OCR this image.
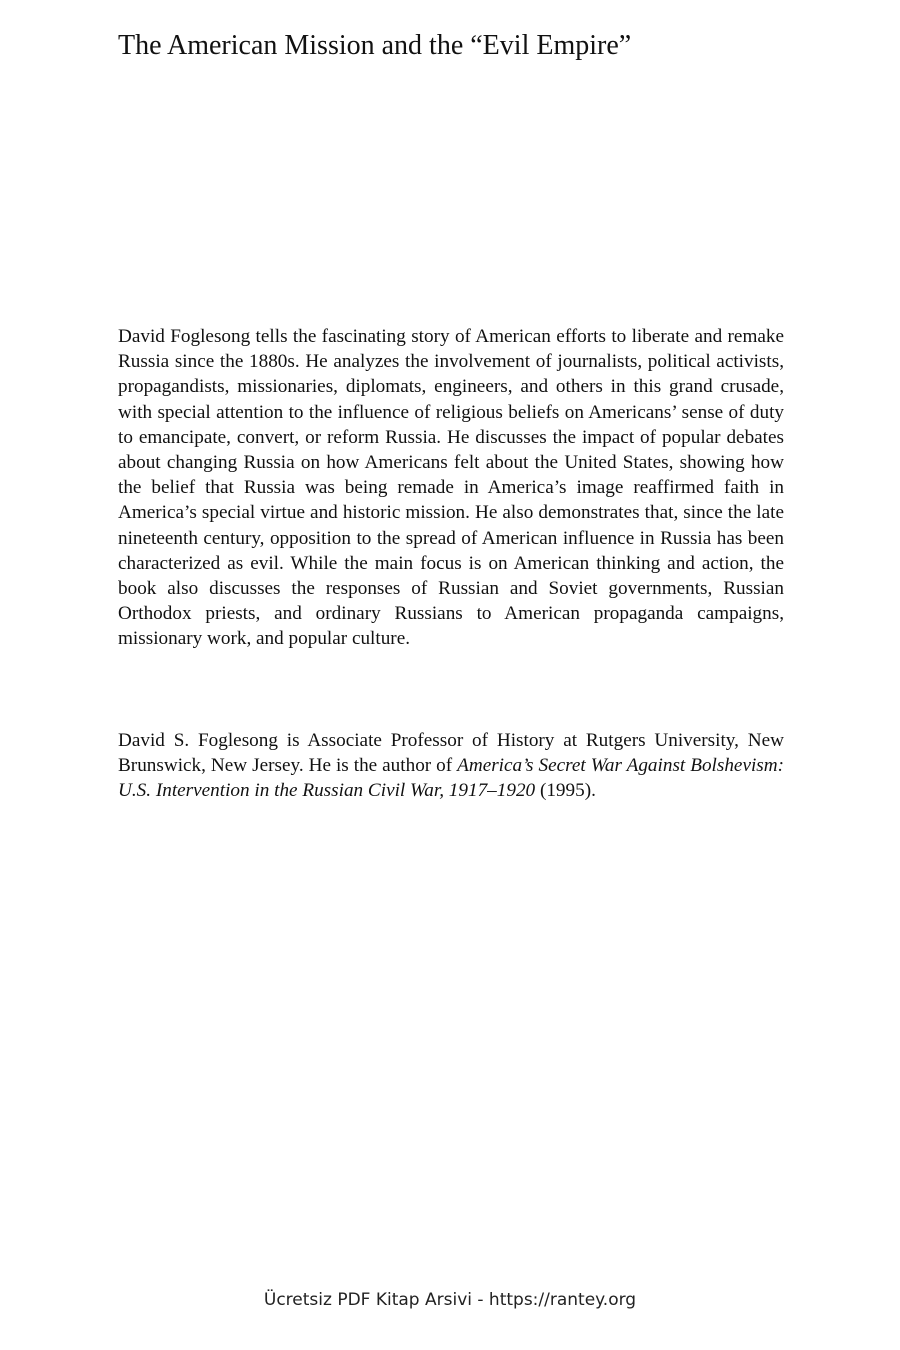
The American Mission and the “Evil Empire”

David Foglesong tells the fascinating story of American efforts to liberate and remake Russia since the 1880s. He analyzes the involvement of journalists, political activists, propagandists, missionaries, diplomats, engineers, and others in this grand crusade, with special attention to the influence of religious beliefs on Americans’ sense of duty to emancipate, convert, or reform Russia. He discusses the impact of popular debates about changing Russia on how Americans felt about the United States, showing how the belief that Russia was being remade in America’s image reaffirmed faith in America’s special virtue and historic mission. He also demonstrates that, since the late nineteenth century, opposition to the spread of American influence in Russia has been characterized as evil. While the main focus is on American thinking and action, the book also discusses the responses of Russian and Soviet governments, Russian Orthodox priests, and ordinary Russians to American propaganda campaigns, missionary work, and popular culture.

David S. Foglesong is Associate Professor of History at Rutgers University, New Brunswick, New Jersey. He is the author of America’s Secret War Against Bolshevism: U.S. Intervention in the Russian Civil War, 1917–1920 (1995).

Ücretsiz PDF Kitap Arsivi - https://rantey.org
